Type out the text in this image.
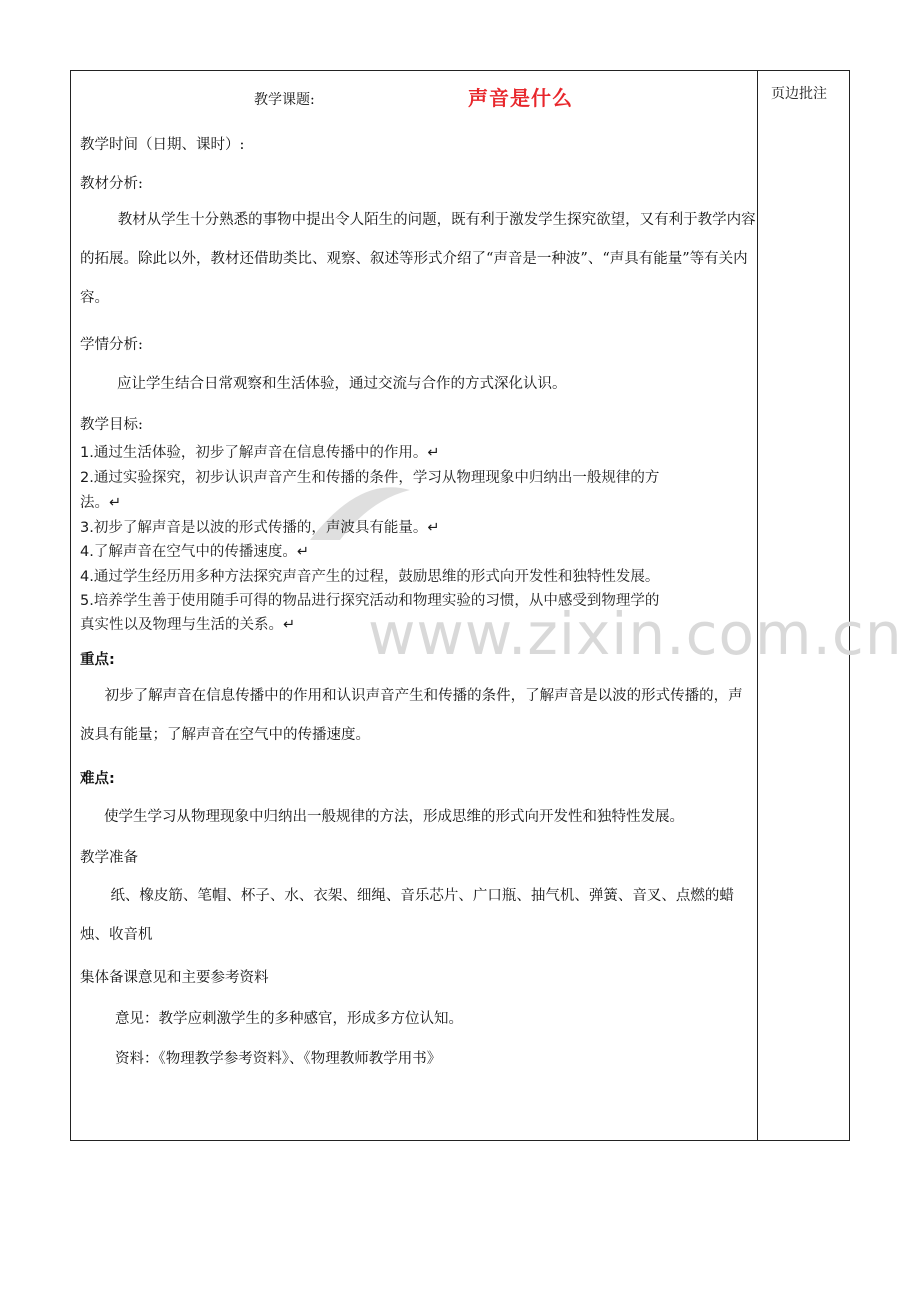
页边批注
教学课题:	声音是什么
教学时间（日期、课时）:
教材分析:
教材从学生十分熟悉的事物中提出令人陌生的问题，既有利于激发学生探究欲望，又有利于教学内容的拓展。除此以外，教材还借助类比、观察、叙述等形式介绍了“声音是一种波”、“声具有能量”等有关内容。
学情分析:
应让学生结合日常观察和生活体验，通过交流与合作的方式深化认识。
教学目标:
1.通过生活体验，初步了解声音在信息传播中的作用。↵
2.通过实验探究，初步认识声音产生和传播的条件，学习从物理现象中归纳出一般规律的方
法。↵
3.初步了解声音是以波的形式传播的，声波具有能量。↵
4.了解声音在空气中的传播速度。↵
4.通过学生经历用多种方法探究声音产生的过程，鼓励思维的形式向开发性和独特性发展。
5.培养学生善于使用随手可得的物品进行探究活动和物理实验的习惯，从中感受到物理学的
真实性以及物理与生活的关系。↵
重点:
初步了解声音在信息传播中的作用和认识声音产生和传播的条件，了解声音是以波的形式传播的，声波具有能量；了解声音在空气中的传播速度。
难点:
使学生学习从物理现象中归纳出一般规律的方法，形成思维的形式向开发性和独特性发展。
教学准备
纸、橡皮筋、笔帽、杯子、水、衣架、细绳、音乐芯片、广口瓶、抽气机、弹簧、音叉、点燃的蜡烛、收音机
集体备课意见和主要参考资料
意见：教学应刺激学生的多种感官，形成多方位认知。
资料：《物理教学参考资料》、《物理教师教学用书》
www.zixin.com.cn
